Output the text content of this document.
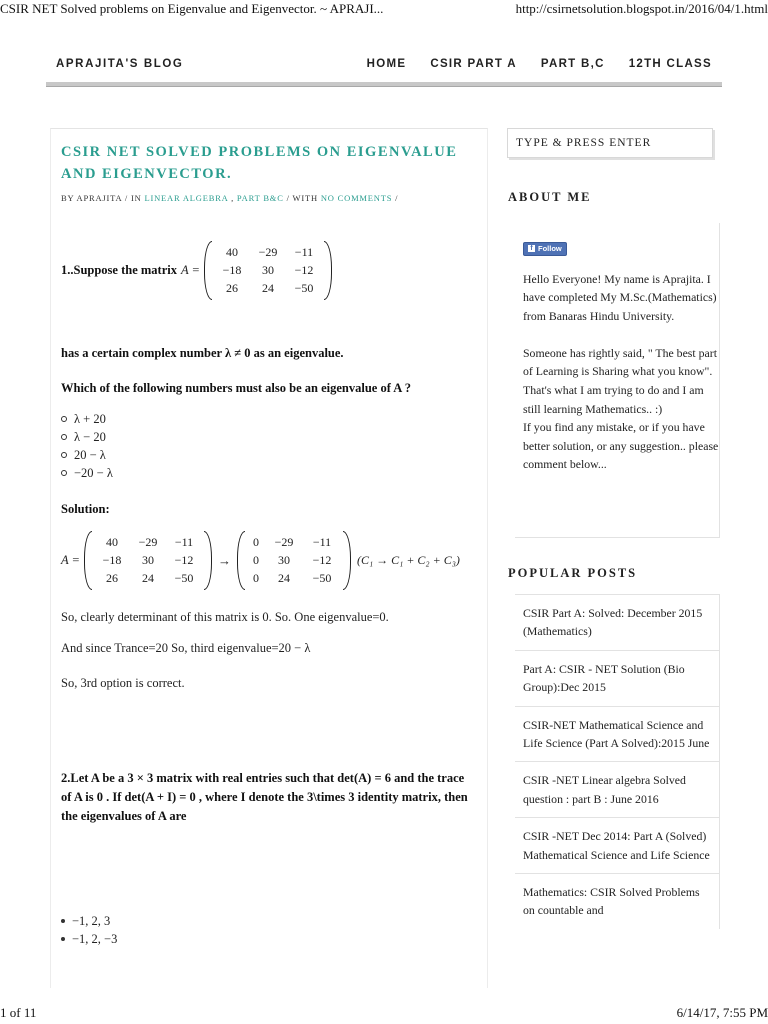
CSIR NET Solved problems on Eigenvalue and Eigenvector. ~ APRAJI...	http://csirnetsolution.blogspot.in/2016/04/1.html
1 of 11	6/14/17, 7:55 PM
APRAJITA'S BLOG	HOME CSIR PART A PART B,C 12TH CLASS
CSIR NET SOLVED PROBLEMS ON EIGENVALUE AND EIGENVECTOR.
BY APRAJITA / IN LINEAR ALGEBRA , PART B&C / WITH NO COMMENTS /
1..Suppose the matrix A =
40	−29	−11
−18	30	−12
26	24	−50

has a certain complex number λ ≠ 0 as an eigenvalue.

Which of the following numbers must also be an eigenvalue of A ?

λ + 20
λ − 20
20 − λ
−20 − λ

Solution:

A =
40	−29	−11
−18	30	−12
26	24	−50
→
0	−29	−11
0	30	−12
0	24	−50
(C₁ → C₁ + C₂ + C₃)

So, clearly determinant of this matrix is 0. So. One eigenvalue=0.

And since Trance=20 So, third eigenvalue=20 − λ

So, 3rd option is correct.

2.Let A be a 3 × 3 matrix with real entries such that det(A) = 6 and the trace of A is 0 . If det(A + I) = 0 , where I denote the 3\times 3 identity matrix, then the eigenvalues of A are

−1, 2, 3
−1, 2, −3
TYPE & PRESS ENTER
ABOUT ME
f Follow
Hello Everyone! My name is Aprajita. I have completed My M.Sc.(Mathematics) from Banaras Hindu University.

Someone has rightly said, " The best part of Learning is Sharing what you know". That's what I am trying to do and I am still learning Mathematics.. :)
If you find any mistake, or if you have better solution, or any suggestion.. please comment below...
POPULAR POSTS
CSIR Part A: Solved: December 2015 (Mathematics)
Part A: CSIR - NET Solution (Bio Group):Dec 2015
CSIR-NET Mathematical Science and Life Science (Part A Solved):2015 June
CSIR -NET Linear algebra Solved question : part B : June 2016
CSIR -NET Dec 2014: Part A (Solved) Mathematical Science and Life Science
Mathematics: CSIR Solved Problems on countable and
